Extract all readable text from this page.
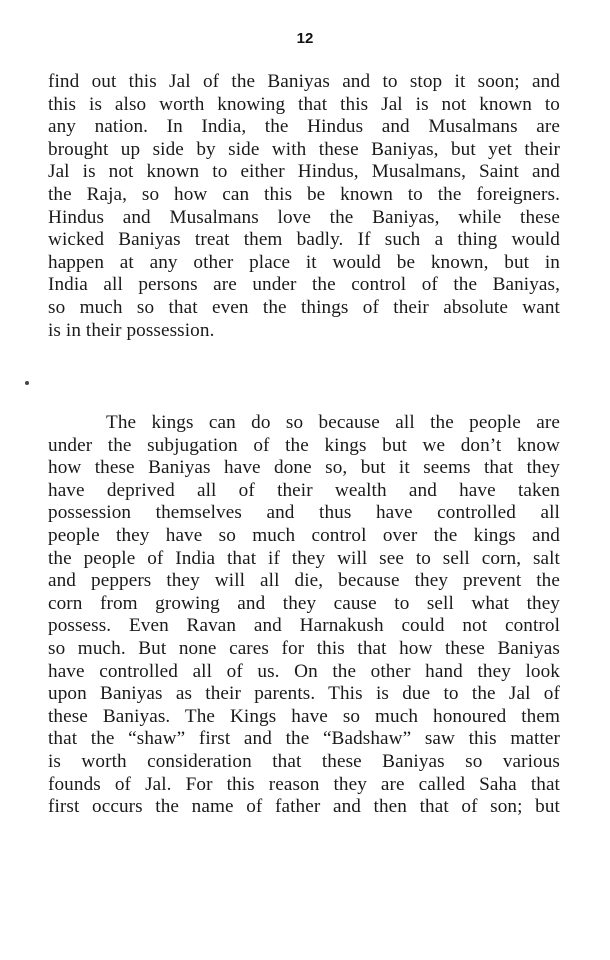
12

find out this Jal of the Baniyas and to stop it soon; and
this is also worth knowing that this Jal is not known to
any nation. In India, the Hindus and Musalmans are
brought up side by side with these Baniyas, but yet their
Jal is not known to either Hindus, Musalmans, Saint and
the Raja, so how can this be known to the foreigners.
Hindus and Musalmans love the Baniyas, while these
wicked Baniyas treat them badly. If such a thing would
happen at any other place it would be known, but in
India all persons are under the control of the Baniyas,
so much so that even the things of their absolute want
is in their possession.

The kings can do so because all the people are
under the subjugation of the kings but we don’t know
how these Baniyas have done so, but it seems that they
have deprived all of their wealth and have taken
possession themselves and thus have controlled all
people they have so much control over the kings and
the people of India that if they will see to sell corn, salt
and peppers they will all die, because they prevent the
corn from growing and they cause to sell what they
possess. Even Ravan and Harnakush could not control
so much. But none cares for this that how these Baniyas
have controlled all of us. On the other hand they look
upon Baniyas as their parents. This is due to the Jal of
these Baniyas. The Kings have so much honoured them
that the “shaw” first and the “Badshaw” saw this matter
is worth consideration that these Baniyas so various
founds of Jal. For this reason they are called Saha that
first occurs the name of father and then that of son; but
